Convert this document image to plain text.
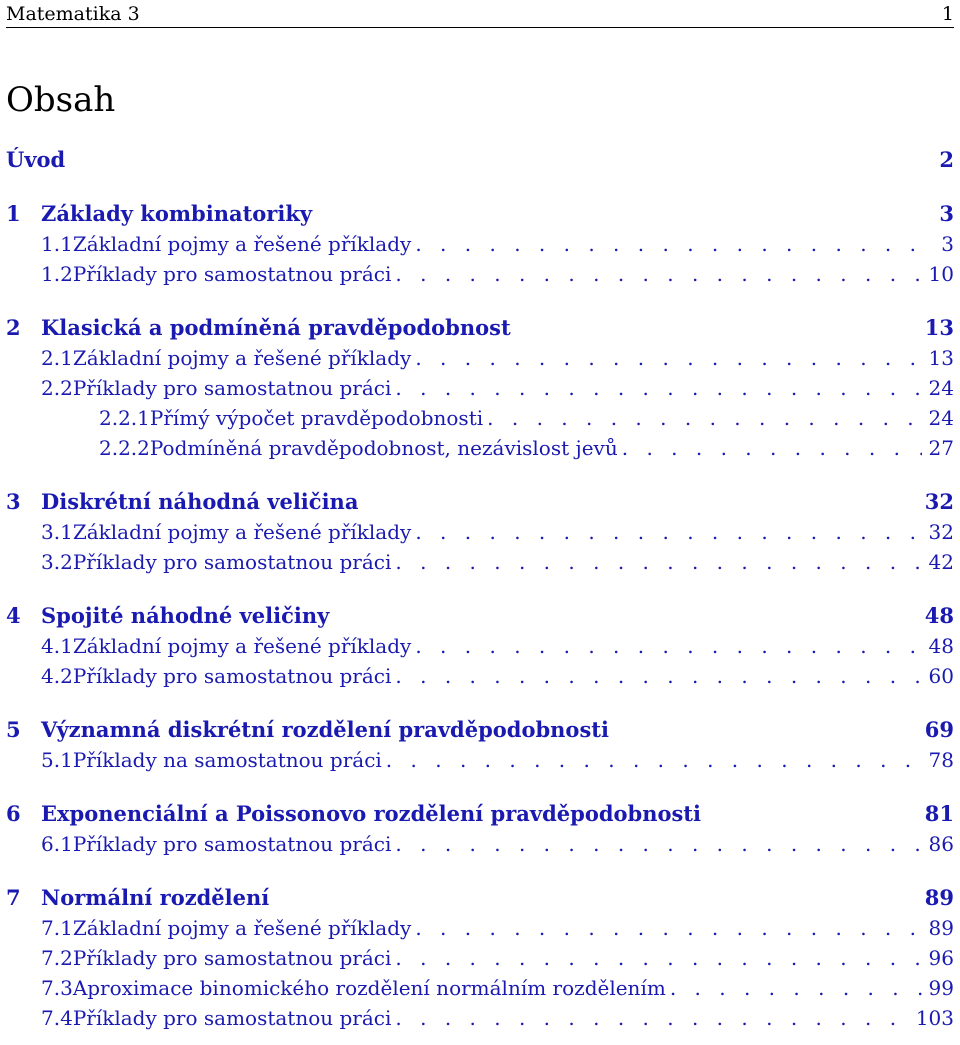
Matematika 3	1
Obsah
Úvod	2
1 Základy kombinatoriky	3
1.1 Základní pojmy a řešené příklady . . .	3
1.2 Příklady pro samostatnou práci . . .	10
2 Klasická a podmíněná pravděpodobnost	13
2.1 Základní pojmy a řešené příklady . . .	13
2.2 Příklady pro samostatnou práci . . .	24
2.2.1 Přímý výpočet pravděpodobnosti . . .	24
2.2.2 Podmíněná pravděpodobnost, nezávislost jevů . . .	27
3 Diskrétní náhodná veličina	32
3.1 Základní pojmy a řešené příklady . . .	32
3.2 Příklady pro samostatnou práci . . .	42
4 Spojité náhodné veličiny	48
4.1 Základní pojmy a řešené příklady . . .	48
4.2 Příklady pro samostatnou práci . . .	60
5 Významná diskrétní rozdělení pravděpodobnosti	69
5.1 Příklady na samostatnou práci . . .	78
6 Exponenciální a Poissonovo rozdělení pravděpodobnosti	81
6.1 Příklady pro samostatnou práci . . .	86
7 Normální rozdělení	89
7.1 Základní pojmy a řešené příklady . . .	89
7.2 Příklady pro samostatnou práci . . .	96
7.3 Aproximace binomického rozdělení normálním rozdělením . . .	99
7.4 Příklady pro samostatnou práci . . .	103
